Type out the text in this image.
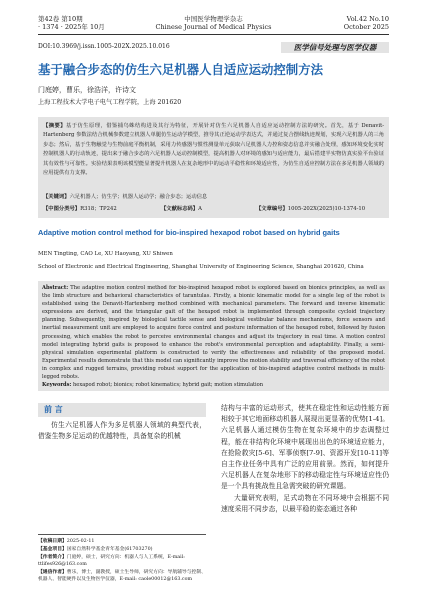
第42卷 第10期
· 1374 · 2025年 10月
中国医学物理学杂志
Chinese Journal of Medical Physics
Vol.42 No.10
October 2025
DOI:10.3969/j.issn.1005-202X.2025.10.016	医学信号处理与医学仪器
基于融合步态的仿生六足机器人自适应运动控制方法
门庭婷，曹乐，徐浩洋，许诗文
上海工程技术大学电子电气工程学院，上海 201620
【摘要】基于仿生原理，借鉴捕鸟蛛结构进及其行为特征，开展针对仿生六足机器人自适应运动控制方法的研究。首先，基于 Denavit-Hartenberg 参数法结合机械参数建立机器人单腿仿生运动学模型，推导其正逆运动学表达式，并通过复合摆线轨迹规划，实现六足机器人的三角步态；然后，基于生物触觉与生物前庭平衡机制，采用力传感器与惯性测量单元获取六足机器人力控和姿态信息并实融合处理，感知环境变化实时控制机器人的行动轨迹，提出来于融合步态的六足机器人运动控制模型，提高机器人对环境的感知与适应能力，最后搭建半实物仿真实验平台验证其有效性与可靠性。实验结果表明该模型能显著提升机器人在复杂地形中的运动平稳性和环境适应性，为仿生自适应控制方法在多足机器人领域的应用提供有力支撑。
【关键词】六足机器人；仿生学；机器人运动学；融合步态；运动信息
【中图分类号】R318；TP242	【文献标志码】A	【文章编号】1005-202X(2025)10-1374-10
Adaptive motion control method for bio-inspired hexapod robot based on hybrid gaits
MEN Tingting, CAO Le, XU Haoyang, XU Shiwen
School of Electronic and Electrical Engineering, Shanghai University of Engineering Science, Shanghai 201620, China
Abstract: The adaptive motion control method for bio-inspired hexapod robot is explored based on bionics principles, as well as the limb structure and behavioral characteristics of tarantulas. Firstly, a bionic kinematic model for a single leg of the robot is established using the Denavit-Hartenberg method combined with mechanical parameters. The forward and inverse kinematic expressions are derived, and the triangular gait of the hexapod robot is implemented through composite cycloid trajectory planning. Subsequently, inspired by biological tactile sense and biological vestibular balance mechanisms, force sensors and inertial measurement unit are employed to acquire force control and posture information of the hexapod robot, followed by fusion processing, which enables the robot to perceive environmental changes and adjust its trajectory in real time. A motion control model integrating hybrid gaits is proposed to enhance the robot's environmental perception and adaptability. Finally, a semi-physical simulation experimental platform is constructed to verify the effectiveness and reliability of the proposed model. Experimental results demonstrate that this model can significantly improve the motion stability and traversal efficiency of the robot in complex and rugged terrains, providing robust support for the application of bio-inspired adaptive control methods in multi-legged robots.
Keywords: hexapod robot; bionics; robot kinematics; hybrid gait; motion stimulation
前 言
仿生六足机器人作为多足机器人领域的典型代表，借鉴生物多足运动的优越特性，具备复杂的机械
【收稿日期】2025-02-11
【基金项目】国家自然科学基金青年基金(61703270)
【作者简介】门庭婷，硕士，研究方向：机器人与人工系统，E-mail: ttlifes926@163.com
【通信作者】曹乐，博士，副教授，硕士生导师，研究方向：导航辅导与控制、机器人、智能硬件以及生物医学仪器，E-mail: caole00012@163.com

结构与丰富的运动形式，使其在稳定性和运动性能方面相较于其它地面移动机器人展现出更显著的优势[1-4]。六足机器人通过模仿生物在复杂环境中的步态调整过程，能在非结构化环境中展现出出色的环境适应能力，在抢险救灾[5-6]、军事侦察[7-9]、资源开发[10-11]等自主作业任务中具有广泛的应用前景。然而，如何提升六足机器人在复杂地形下的移动稳定性与环境适应性仍是一个具有挑战性且急需突破的研究课题。

大量研究表明，足式动物在不同环境中会根据不同速度采用不同步态，以最平稳的姿态通过各种
